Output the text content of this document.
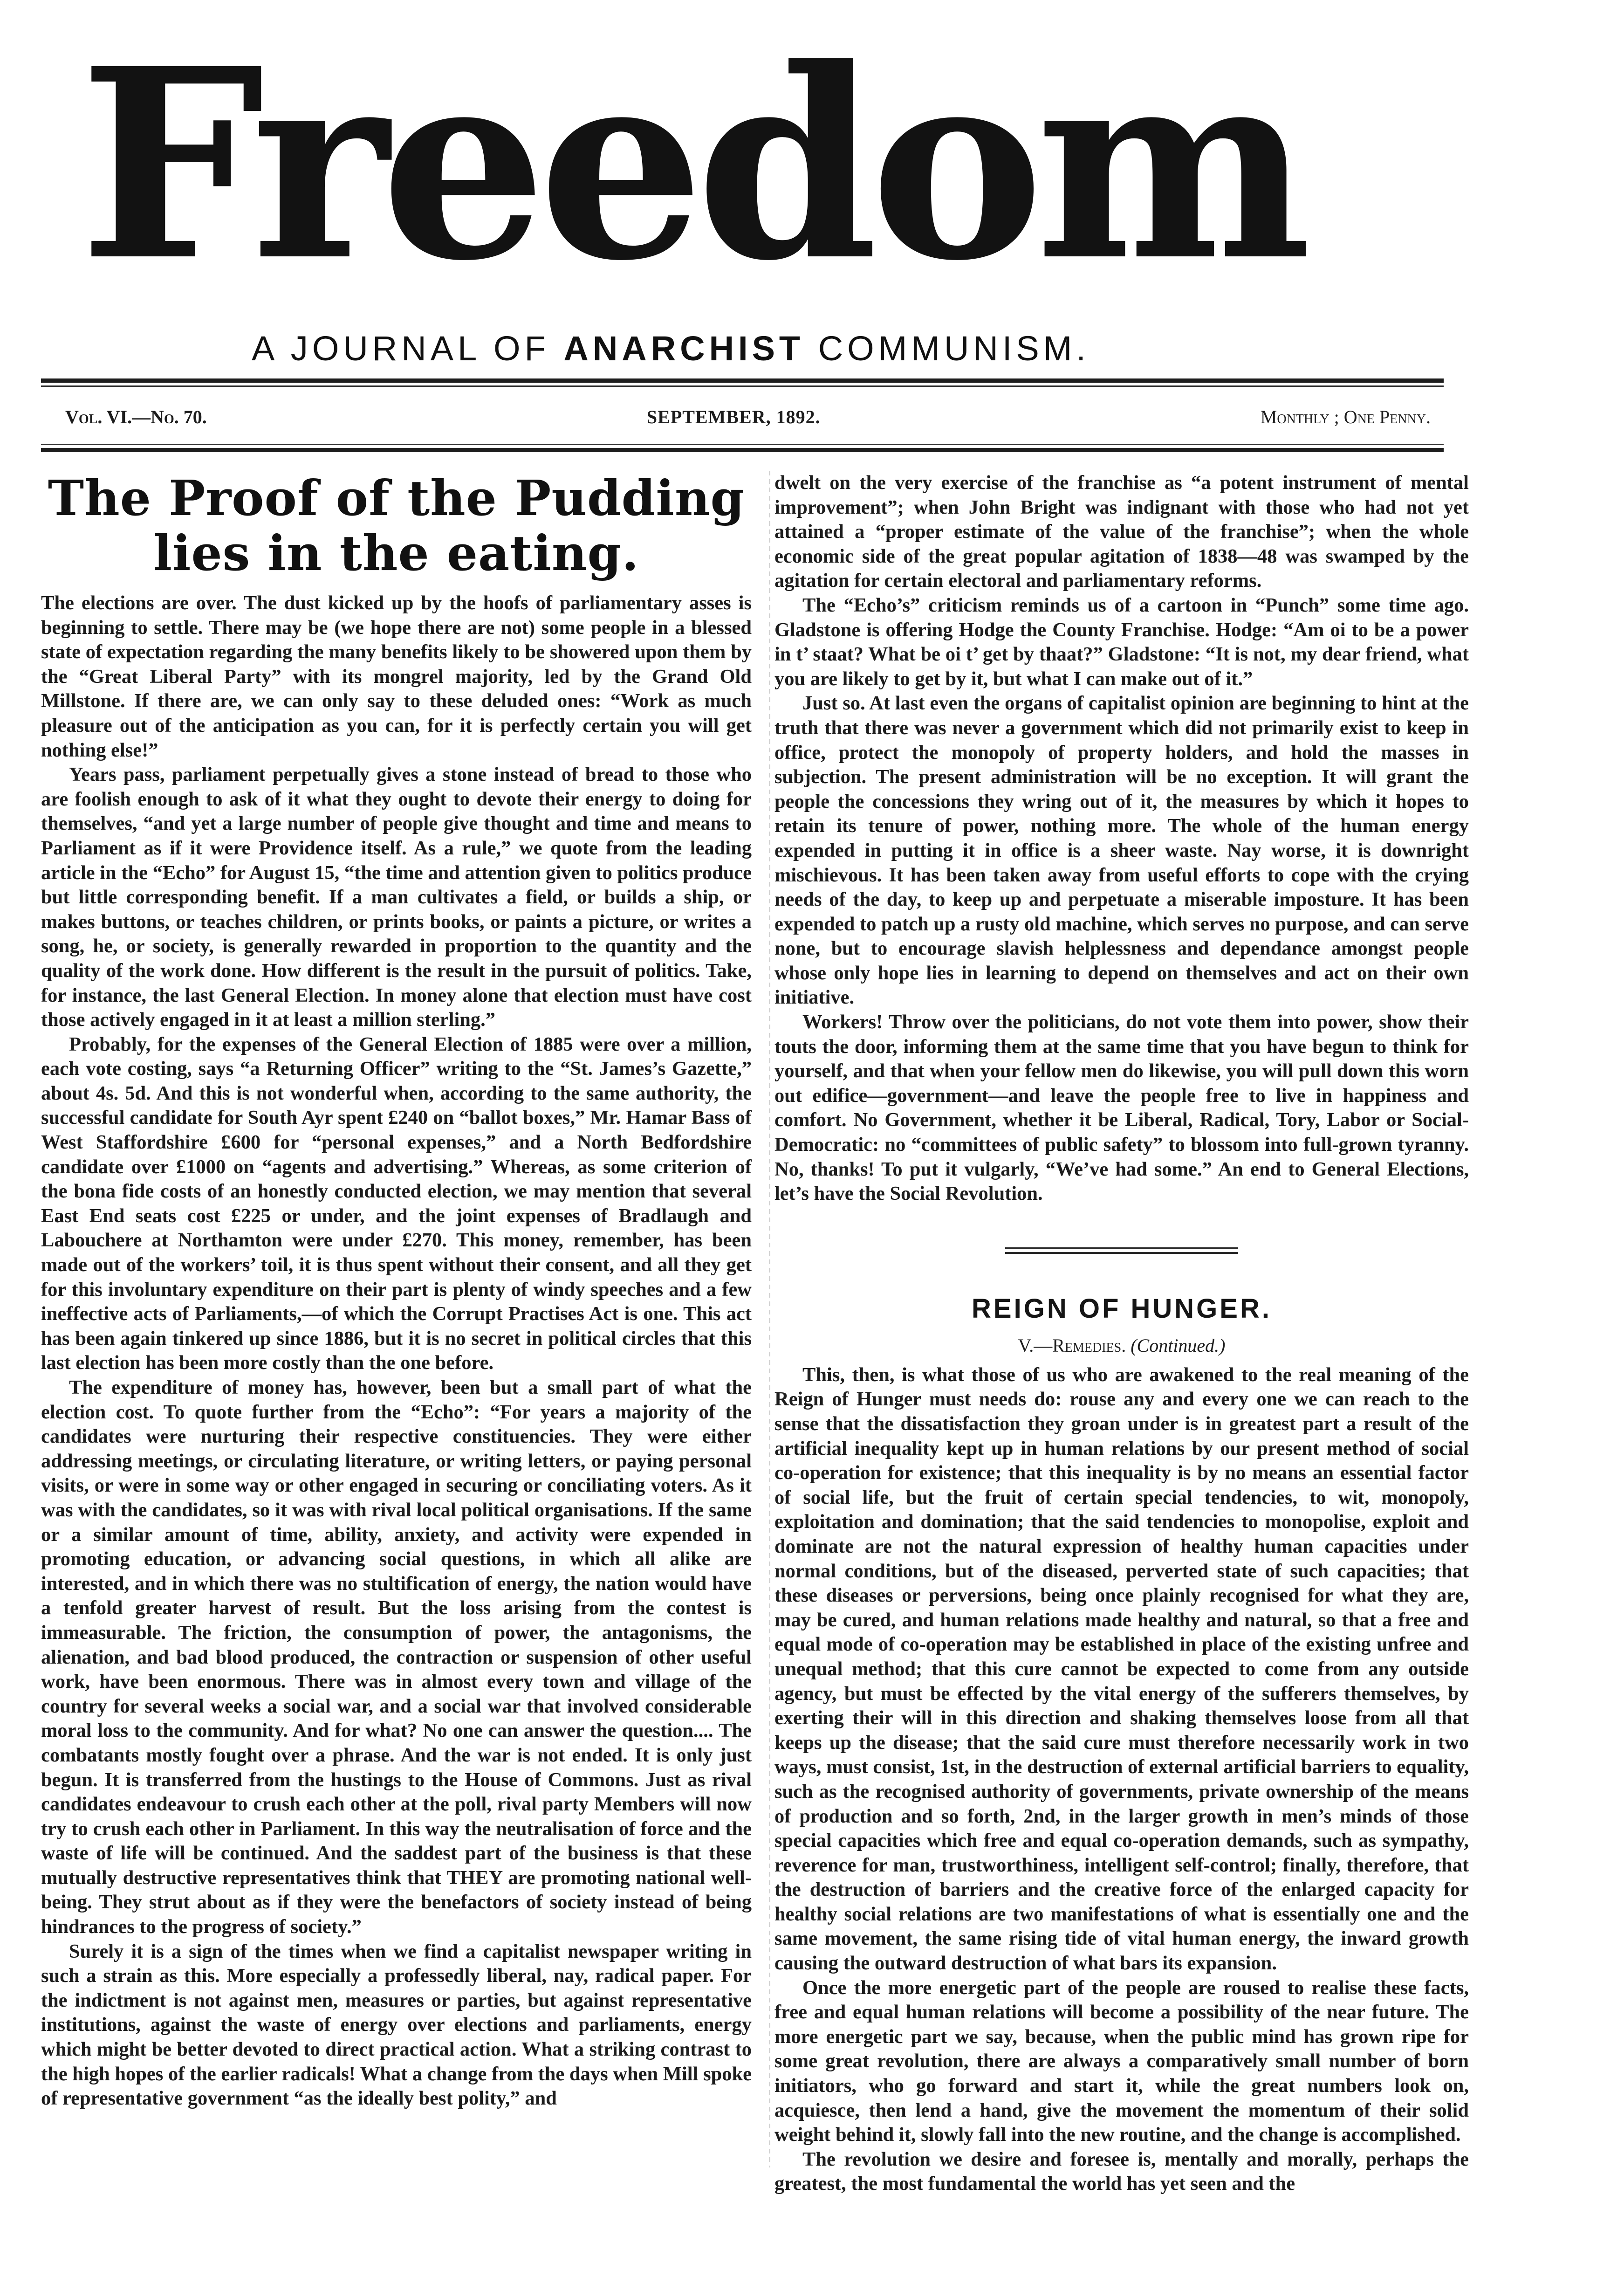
Freedom
A JOURNAL OF ANARCHIST COMMUNISM.
Vol. VI.—No. 70.	SEPTEMBER, 1892.	Monthly ; One Penny.
The Proof of the Pudding lies in the eating.

The elections are over. The dust kicked up by the hoofs of parliamentary asses is beginning to settle. There may be (we hope there are not) some people in a blessed state of expectation regarding the many benefits likely to be showered upon them by the “Great Liberal Party” with its mongrel majority, led by the Grand Old Millstone. If there are, we can only say to these deluded ones: “Work as much pleasure out of the anticipation as you can, for it is perfectly certain you will get nothing else!”

Years pass, parliament perpetually gives a stone instead of bread to those who are foolish enough to ask of it what they ought to devote their energy to doing for themselves, “and yet a large number of people give thought and time and means to Parliament as if it were Providence itself. As a rule,” we quote from the leading article in the “Echo” for August 15, “the time and attention given to politics produce but little corresponding benefit. If a man cultivates a field, or builds a ship, or makes buttons, or teaches children, or prints books, or paints a picture, or writes a song, he, or society, is generally rewarded in proportion to the quantity and the quality of the work done. How different is the result in the pursuit of politics. Take, for instance, the last General Election. In money alone that election must have cost those actively engaged in it at least a million sterling.”

Probably, for the expenses of the General Election of 1885 were over a million, each vote costing, says “a Returning Officer” writing to the “St. James’s Gazette,” about 4s. 5d. And this is not wonderful when, according to the same authority, the successful candidate for South Ayr spent £240 on “ballot boxes,” Mr. Hamar Bass of West Staffordshire £600 for “personal expenses,” and a North Bedfordshire candidate over £1000 on “agents and advertising.” Whereas, as some criterion of the bona fide costs of an honestly conducted election, we may mention that several East End seats cost £225 or under, and the joint expenses of Bradlaugh and Labouchere at Northamton were under £270. This money, remember, has been made out of the workers’ toil, it is thus spent without their consent, and all they get for this involuntary expenditure on their part is plenty of windy speeches and a few ineffective acts of Parliaments,—of which the Corrupt Practises Act is one. This act has been again tinkered up since 1886, but it is no secret in political circles that this last election has been more costly than the one before.

The expenditure of money has, however, been but a small part of what the election cost. To quote further from the “Echo”: “For years a majority of the candidates were nurturing their respective constituencies. They were either addressing meetings, or circulating literature, or writing letters, or paying personal visits, or were in some way or other engaged in securing or conciliating voters. As it was with the candidates, so it was with rival local political organisations. If the same or a similar amount of time, ability, anxiety, and activity were expended in promoting education, or advancing social questions, in which all alike are interested, and in which there was no stultification of energy, the nation would have a tenfold greater harvest of result. But the loss arising from the contest is immeasurable. The friction, the consumption of power, the antagonisms, the alienation, and bad blood produced, the contraction or suspension of other useful work, have been enormous. There was in almost every town and village of the country for several weeks a social war, and a social war that involved considerable moral loss to the community. And for what? No one can answer the question.... The combatants mostly fought over a phrase. And the war is not ended. It is only just begun. It is transferred from the hustings to the House of Commons. Just as rival candidates endeavour to crush each other at the poll, rival party Members will now try to crush each other in Parliament. In this way the neutralisation of force and the waste of life will be continued. And the saddest part of the business is that these mutually destructive representatives think that THEY are promoting national well-being. They strut about as if they were the benefactors of society instead of being hindrances to the progress of society.”

Surely it is a sign of the times when we find a capitalist newspaper writing in such a strain as this. More especially a professedly liberal, nay, radical paper. For the indictment is not against men, measures or parties, but against representative institutions, against the waste of energy over elections and parliaments, energy which might be better devoted to direct practical action. What a striking contrast to the high hopes of the earlier radicals! What a change from the days when Mill spoke of representative government “as the ideally best polity,” and

dwelt on the very exercise of the franchise as “a potent instrument of mental improvement”; when John Bright was indignant with those who had not yet attained a “proper estimate of the value of the franchise”; when the whole economic side of the great popular agitation of 1838—48 was swamped by the agitation for certain electoral and parliamentary reforms.

The “Echo’s” criticism reminds us of a cartoon in “Punch” some time ago. Gladstone is offering Hodge the County Franchise. Hodge: “Am oi to be a power in t’ staat? What be oi t’ get by thaat?” Gladstone: “It is not, my dear friend, what you are likely to get by it, but what I can make out of it.”

Just so. At last even the organs of capitalist opinion are beginning to hint at the truth that there was never a government which did not primarily exist to keep in office, protect the monopoly of property holders, and hold the masses in subjection. The present administration will be no exception. It will grant the people the concessions they wring out of it, the measures by which it hopes to retain its tenure of power, nothing more. The whole of the human energy expended in putting it in office is a sheer waste. Nay worse, it is downright mischievous. It has been taken away from useful efforts to cope with the crying needs of the day, to keep up and perpetuate a miserable imposture. It has been expended to patch up a rusty old machine, which serves no purpose, and can serve none, but to encourage slavish helplessness and dependance amongst people whose only hope lies in learning to depend on themselves and act on their own initiative.

Workers! Throw over the politicians, do not vote them into power, show their touts the door, informing them at the same time that you have begun to think for yourself, and that when your fellow men do likewise, you will pull down this worn out edifice—government—and leave the people free to live in happiness and comfort. No Government, whether it be Liberal, Radical, Tory, Labor or Social-Democratic: no “committees of public safety” to blossom into full-grown tyranny. No, thanks! To put it vulgarly, “We’ve had some.” An end to General Elections, let’s have the Social Revolution.

REIGN OF HUNGER.
V.—Remedies. (Continued.)

This, then, is what those of us who are awakened to the real meaning of the Reign of Hunger must needs do: rouse any and every one we can reach to the sense that the dissatisfaction they groan under is in greatest part a result of the artificial inequality kept up in human relations by our present method of social co-operation for existence; that this inequality is by no means an essential factor of social life, but the fruit of certain special tendencies, to wit, monopoly, exploitation and domination; that the said tendencies to monopolise, exploit and dominate are not the natural expression of healthy human capacities under normal conditions, but of the diseased, perverted state of such capacities; that these diseases or perversions, being once plainly recognised for what they are, may be cured, and human relations made healthy and natural, so that a free and equal mode of co-operation may be established in place of the existing unfree and unequal method; that this cure cannot be expected to come from any outside agency, but must be effected by the vital energy of the sufferers themselves, by exerting their will in this direction and shaking themselves loose from all that keeps up the disease; that the said cure must therefore necessarily work in two ways, must consist, 1st, in the destruction of external artificial barriers to equality, such as the recognised authority of governments, private ownership of the means of production and so forth, 2nd, in the larger growth in men’s minds of those special capacities which free and equal co-operation demands, such as sympathy, reverence for man, trustworthiness, intelligent self-control; finally, therefore, that the destruction of barriers and the creative force of the enlarged capacity for healthy social relations are two manifestations of what is essentially one and the same movement, the same rising tide of vital human energy, the inward growth causing the outward destruction of what bars its expansion.

Once the more energetic part of the people are roused to realise these facts, free and equal human relations will become a possibility of the near future. The more energetic part we say, because, when the public mind has grown ripe for some great revolution, there are always a comparatively small number of born initiators, who go forward and start it, while the great numbers look on, acquiesce, then lend a hand, give the movement the momentum of their solid weight behind it, slowly fall into the new routine, and the change is accomplished.

The revolution we desire and foresee is, mentally and morally, perhaps the greatest, the most fundamental the world has yet seen and the
